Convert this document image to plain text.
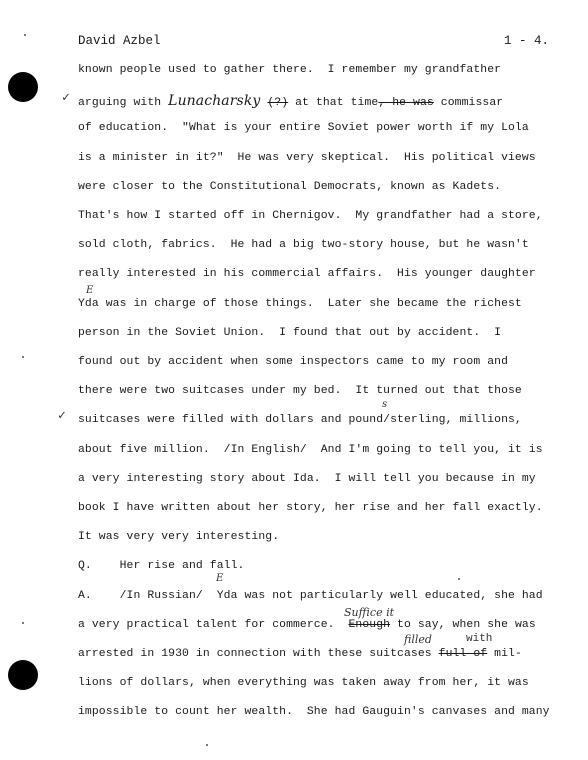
David Azbel	1 - 4.
known people used to gather there.  I remember my grandfather
arguing with Lunacharsky (?) at that time, he was commissar
of education.  "What is your entire Soviet power worth if my Lola
is a minister in it?"  He was very skeptical.  His political views
were closer to the Constitutional Democrats, known as Kadets.
That's how I started off in Chernigov.  My grandfather had a store,
sold cloth, fabrics.  He had a big two-story house, but he wasn't
really interested in his commercial affairs.  His younger daughter
Yda was in charge of those things.  Later she became the richest
person in the Soviet Union.  I found that out by accident.  I
found out by accident when some inspectors came to my room and
there were two suitcases under my bed.  It turned out that those
suitcases were filled with dollars and pound/sterling, millions,
about five million.  /In English/  And I'm going to tell you, it is
a very interesting story about Ida.  I will tell you because in my
book I have written about her story, her rise and her fall exactly.
It was very very interesting.
Q.    Her rise and fall.
A.    /In Russian/  Yda was not particularly well educated, she had
a very practical talent for commerce.  Enough to say, when she was
arrested in 1930 in connection with these suitcases full of mil-
lions of dollars, when everything was taken away from her, it was
impossible to count her wealth.  She had Gauguin's canvases and many
✓
✓
E
s
E
Suffice it
filled	with
